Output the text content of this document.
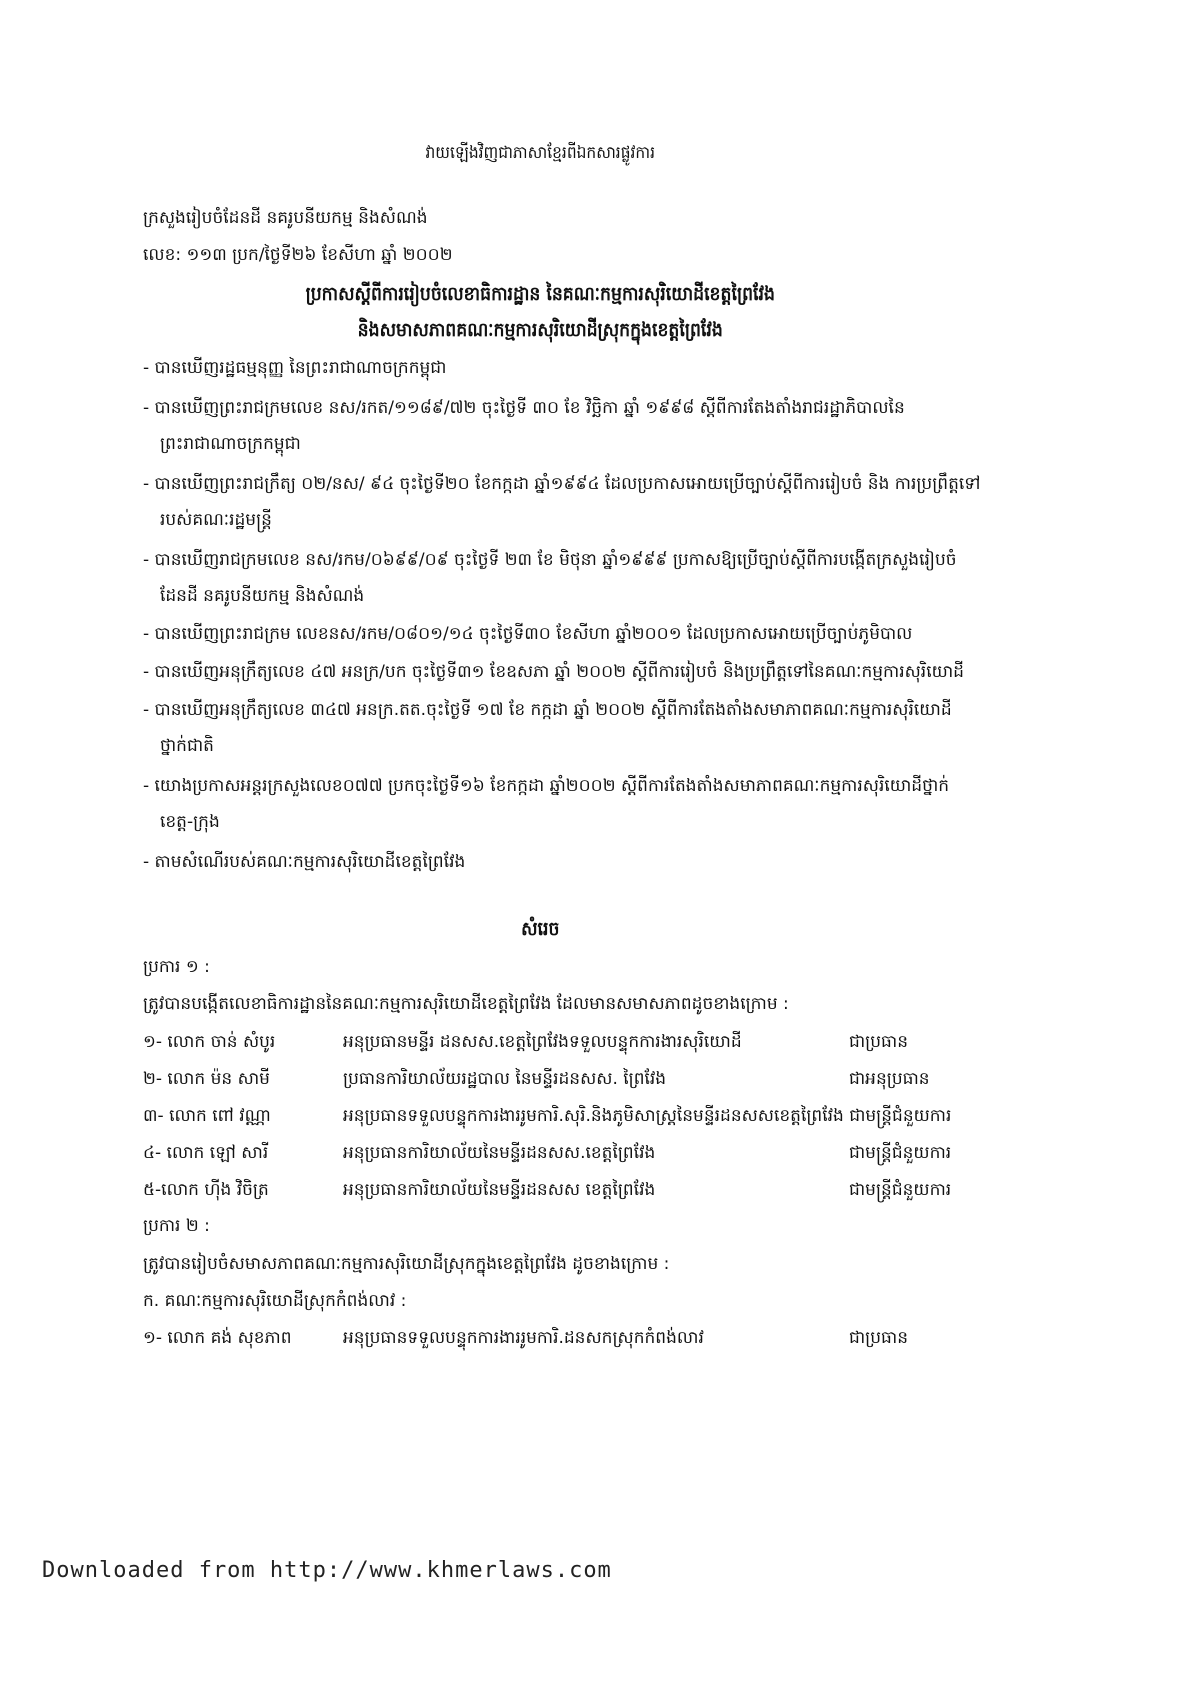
វាយឡើងវិញជាភាសាខ្មែរពីឯកសារផ្លូវការ
ក្រសួងរៀបចំដែនដី នគរូបនីយកម្ម និងសំណង់
លេខ: ១១៣ ប្រក/ថ្ងៃទី២៦ ខែសីហា ឆ្នាំ ២០០២
ប្រកាសស្តីពីការរៀបចំលេខាធិការដ្ឋាន នៃគណៈកម្មការសុរិយោដីខេត្តព្រៃវែង
និងសមាសភាពគណៈកម្មការសុរិយោដីស្រុកក្នុងខេត្តព្រៃវែង
- បានឃើញរដ្ឋធម្មនុញ្ញ នៃព្រះរាជាណាចក្រកម្ពុជា
- បានឃើញព្រះរាជក្រមលេខ នស/រកត/១១៨៩/៧២ ចុះថ្ងៃទី ៣០ ខែ វិច្ឆិកា ឆ្នាំ ១៩៩៨ ស្តីពីការតែងតាំងរាជរដ្ឋាភិបាលនៃ
ព្រះរាជាណាចក្រកម្ពុជា
- បានឃើញព្រះរាជក្រឹត្យ ០២/នស/ ៩៤ ចុះថ្ងៃទី២០ ខែកក្កដា ឆ្នាំ១៩៩៤ ដែលប្រកាសអោយប្រើច្បាប់ស្តីពីការរៀបចំ និង ការប្រព្រឹត្តទៅ
របស់គណៈរដ្ឋមន្ត្រី
- បានឃើញរាជក្រមលេខ នស/រកម/០៦៩៩/០៩ ចុះថ្ងៃទី ២៣ ខែ មិថុនា ឆ្នាំ១៩៩៩ ប្រកាសឱ្យប្រើច្បាប់ស្តីពីការបង្កើតក្រសួងរៀបចំ
ដែនដី នគរូបនីយកម្ម និងសំណង់
- បានឃើញព្រះរាជក្រម លេខនស/រកម/០៨០១/១៤ ចុះថ្ងៃទី៣០ ខែសីហា ឆ្នាំ២០០១ ដែលប្រកាសអោយប្រើច្បាប់ភូមិបាល
- បានឃើញអនុក្រឹត្យលេខ ៤៧ អនក្រ/បក ចុះថ្ងៃទី៣១ ខែឧសភា ឆ្នាំ ២០០២ ស្តីពីការរៀបចំ និងប្រព្រឹត្តទៅនៃគណៈកម្មការសុរិយោដី
- បានឃើញអនុក្រឹត្យលេខ ៣៤៧ អនក្រ.តត.ចុះថ្ងៃទី ១៧ ខែ កក្កដា ឆ្នាំ ២០០២ ស្តីពីការតែងតាំងសមាភាពគណៈកម្មការសុរិយោដី
ថ្នាក់ជាតិ
- យោងប្រកាសអន្តរក្រសួងលេខ០៧៧ ប្រកចុះថ្ងៃទី១៦ ខែកក្កដា ឆ្នាំ២០០២ ស្តីពីការតែងតាំងសមាភាពគណៈកម្មការសុរិយោដីថ្នាក់
ខេត្ត-ក្រុង
- តាមសំណើរបស់គណៈកម្មការសុរិយោដីខេត្តព្រៃវែង
សំរេច
ប្រការ ១ :
ត្រូវបានបង្កើតលេខាធិការដ្ឋាននៃគណៈកម្មការសុរិយោដីខេត្តព្រៃវែង ដែលមានសមាសភាពដូចខាងក្រោម :
១- លោក ចាន់ សំបូរ	អនុប្រធានមន្ទីរ ដនសស.ខេត្តព្រៃវែងទទួលបន្ទុកការងារសុរិយោដី	ជាប្រធាន
២- លោក ម៉ន សាមី	ប្រធានការិយាល័យរដ្ឋបាល នៃមន្ទីរដនសស. ព្រៃវែង	ជាអនុប្រធាន
៣- លោក ពៅ វណ្ណា	អនុប្រធានទទួលបន្ទុកការងាររូមការិ.សុរិ.និងភូមិសាស្ត្រនៃមន្ទីរដនសសខេត្តព្រៃវែង ជាមន្ត្រីជំនួយការ
៤- លោក ឡៅ សារី	អនុប្រធានការិយាល័យនៃមន្ទីរដនសស.ខេត្តព្រៃវែង	ជាមន្ត្រីជំនួយការ
៥-លោក ហ៊ីង វិចិត្រ	អនុប្រធានការិយាល័យនៃមន្ទីរដនសស ខេត្តព្រៃវែង	ជាមន្ត្រីជំនួយការ
ប្រការ ២ :
ត្រូវបានរៀបចំសមាសភាពគណៈកម្មការសុរិយោដីស្រុកក្នុងខេត្តព្រៃវែង ដូចខាងក្រោម :
ក. គណៈកម្មការសុរិយោដីស្រុកកំពង់លាវ :
១- លោក គង់ សុខភាព	អនុប្រធានទទួលបន្ទុកការងាររូមការិ.ដនសកស្រុកកំពង់លាវ	ជាប្រធាន
Downloaded from http://www.khmerlaws.com
